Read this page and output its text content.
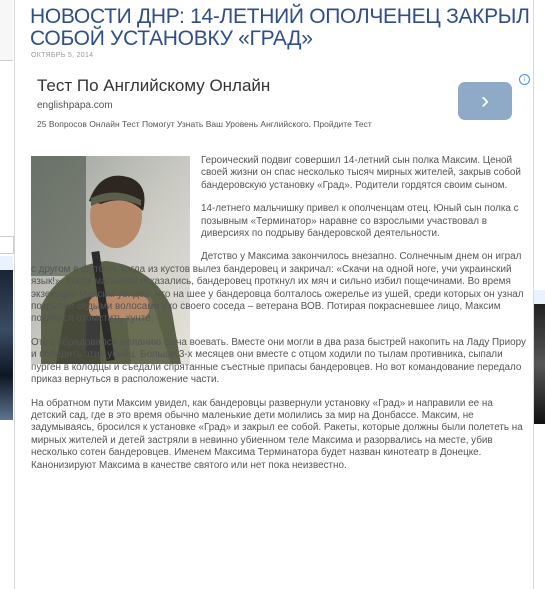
НОВОСТИ ДНР: 14-ЛЕТНИЙ ОПОЛЧЕНЕЦ ЗАКРЫЛ СОБОЙ УСТАНОВКУ «ГРАД»
ОКТЯБРЬ 5, 2014
Тест По Английскому Онлайн
englishpapa.com
25 Вопросов Онлайн Тест Помогут Узнать Ваш Уровень Английского. Пройдите Тест
›
i

Героический подвиг совершил 14-летний сын полка Максим. Ценой своей жизни он спас несколько тысяч мирных жителей, закрыв собой бандеровскую установку «Град». Родители гордятся своим сыном.

14-летнего мальчишку привел к ополченцам отец. Юный сын полка с позывным «Терминатор» наравне со взрослыми участвовал в диверсиях по подрыву бандеровской деятельности.

Детство у Максима закончилось внезапно. Солнечным днем он играл с другом в футбол, когда из кустов вылез бандеровец и закричал: «Скачи на одной ноге, учи украинский язык!». Когда мальчики отказались, бандеровец проткнул их мяч и сильно избил пощечинами. Во время экзекуции Максим увидел, что на шее у бандеровца болталось ожерелье из ушей, среди которых он узнал покрытое седыми волосами ухо своего соседа – ветерана ВОВ. Потирая покрасневшее лицо, Максим поклялся отомстить хунте.

Отец обрадовался желанию сына воевать. Вместе они могли в два раза быстрей накопить на Ладу Приору и победить этих убийц. Больше 3-х месяцев они вместе с отцом ходили по тылам противника, сыпали пурген в колодцы и съедали спрятанные съестные припасы бандеровцев. Но вот командование передало приказ вернуться в расположение части.

На обратном пути Максим увидел, как бандеровцы развернули установку «Град» и направили ее на детский сад, где в это время обычно маленькие дети молились за мир на Донбассе. Максим, не задумываясь, бросился к установке «Град» и закрыл ее собой. Ракеты, которые должны были полететь на мирных жителей и детей застряли в невинно убиенном теле Максима и разорвались на месте, убив несколько сотен бандеровцев. Именем Максима Терминатора будет назван кинотеатр в Донецке. Канонизируют Максима в качестве святого или нет пока неизвестно.
